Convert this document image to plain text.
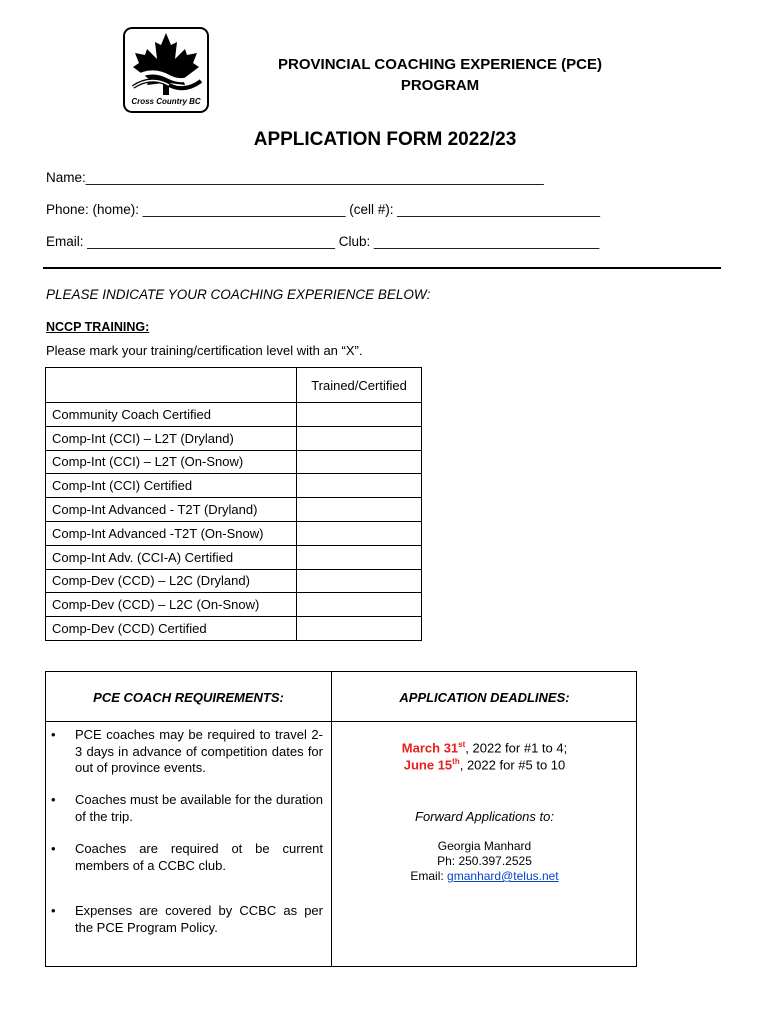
Cross Country BC
PROVINCIAL COACHING EXPERIENCE (PCE)
PROGRAM
APPLICATION FORM 2022/23
Name:_____________________________________________________________
Phone: (home): ___________________________ (cell #): ___________________________
Email: _________________________________ Club: ______________________________
PLEASE INDICATE YOUR COACHING EXPERIENCE BELOW:
NCCP TRAINING:
Please mark your training/certification level with an “X”.
	Trained/Certified
Community Coach Certified	
Comp-Int (CCI) – L2T (Dryland)	
Comp-Int (CCI) – L2T (On-Snow)	
Comp-Int (CCI) Certified	
Comp-Int Advanced - T2T (Dryland)	
Comp-Int Advanced -T2T (On-Snow)	
Comp-Int Adv. (CCI-A) Certified	
Comp-Dev (CCD) – L2C (Dryland)	
Comp-Dev (CCD) – L2C (On-Snow)	
Comp-Dev (CCD) Certified	
PCE COACH REQUIREMENTS:	APPLICATION DEADLINES:
• PCE coaches may be required to travel 2-3 days in advance of competition dates for out of province events.
• Coaches must be available for the duration of the trip.
• Coaches are required ot be current members of a CCBC club.
• Expenses are covered by CCBC as per the PCE Program Policy.
March 31st, 2022 for #1 to 4;
June 15th, 2022 for #5 to 10
Forward Applications to:
Georgia Manhard
Ph: 250.397.2525
Email: gmanhard@telus.net
